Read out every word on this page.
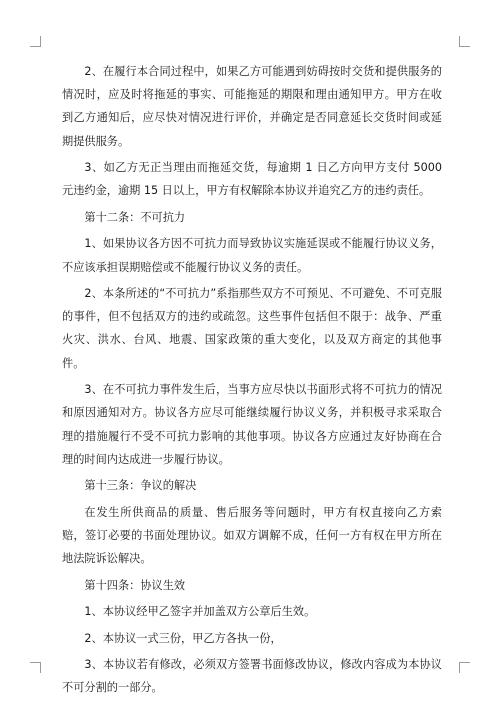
2、在履行本合同过程中，如果乙方可能遇到妨碍按时交货和提供服务的情况时，应及时将拖延的事实、可能拖延的期限和理由通知甲方。甲方在收到乙方通知后，应尽快对情况进行评价，并确定是否同意延长交货时间或延期提供服务。

3、如乙方无正当理由而拖延交货，每逾期 1 日乙方向甲方支付 5000 元违约金，逾期 15 日以上，甲方有权解除本协议并追究乙方的违约责任。

第十二条：不可抗力

1、如果协议各方因不可抗力而导致协议实施延误或不能履行协议义务，不应该承担误期赔偿或不能履行协议义务的责任。

2、本条所述的“不可抗力”系指那些双方不可预见、不可避免、不可克服的事件，但不包括双方的违约或疏忽。这些事件包括但不限于：战争、严重火灾、洪水、台风、地震、国家政策的重大变化，以及双方商定的其他事件。

3、在不可抗力事件发生后，当事方应尽快以书面形式将不可抗力的情况和原因通知对方。协议各方应尽可能继续履行协议义务，并积极寻求采取合理的措施履行不受不可抗力影响的其他事项。协议各方应通过友好协商在合理的时间内达成进一步履行协议。

第十三条：争议的解决

在发生所供商品的质量、售后服务等问题时，甲方有权直接向乙方索赔，签订必要的书面处理协议。如双方调解不成，任何一方有权在甲方所在地法院诉讼解决。

第十四条：协议生效

1、本协议经甲乙签字并加盖双方公章后生效。

2、本协议一式三份，甲乙方各执一份，

3、本协议若有修改，必须双方签署书面修改协议，修改内容成为本协议不可分割的一部分。
